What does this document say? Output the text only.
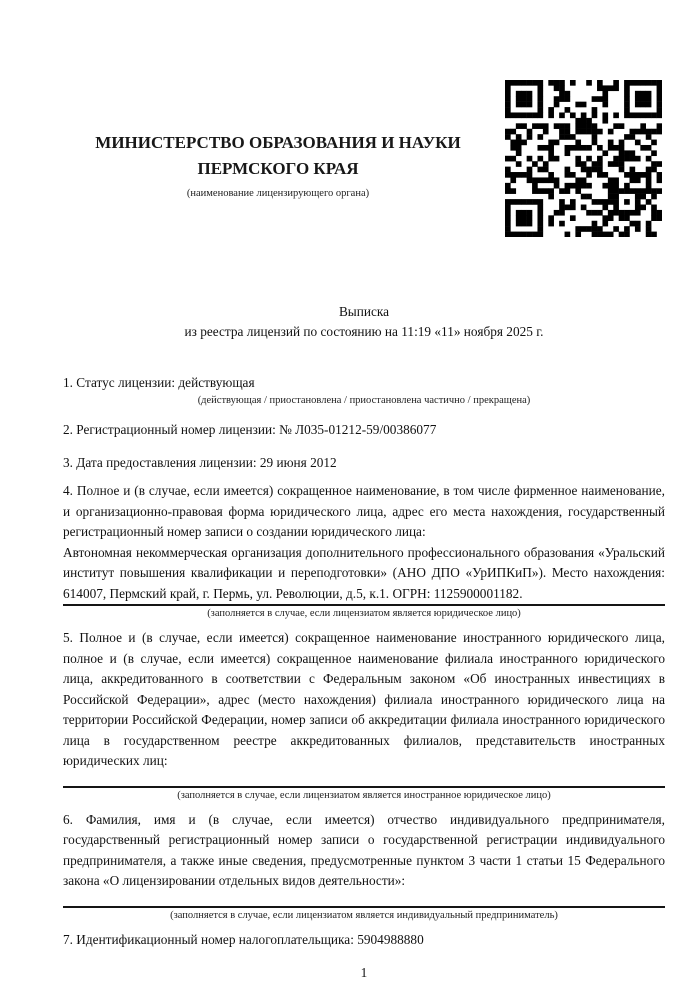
МИНИСТЕРСТВО ОБРАЗОВАНИЯ И НАУКИ ПЕРМСКОГО КРАЯ
(наименование лицензирующего органа)
Выписка
из реестра лицензий по состоянию на 11:19 «11» ноября 2025 г.
1. Статус лицензии: действующая
(действующая / приостановлена / приостановлена частично / прекращена)
2. Регистрационный номер лицензии: № Л035-01212-59/00386077
3. Дата предоставления лицензии: 29 июня 2012

4. Полное и (в случае, если имеется) сокращенное наименование, в том числе фирменное наименование, и организационно-правовая форма юридического лица, адрес его места нахождения, государственный регистрационный номер записи о создании юридического лица:

Автономная некоммерческая организация дополнительного профессионального образования «Уральский институт повышения квалификации и переподготовки» (АНО ДПО «УрИПКиП»). Место нахождения: 614007, Пермский край, г. Пермь, ул. Революции, д.5, к.1. ОГРН: 1125900001182.

(заполняется в случае, если лицензиатом является юридическое лицо)

5. Полное и (в случае, если имеется) сокращенное наименование иностранного юридического лица, полное и (в случае, если имеется) сокращенное наименование филиала иностранного юридического лица, аккредитованного в соответствии с Федеральным законом «Об иностранных инвестициях в Российской Федерации», адрес (место нахождения) филиала иностранного юридического лица на территории Российской Федерации, номер записи об аккредитации филиала иностранного юридического лица в государственном реестре аккредитованных филиалов, представительств иностранных юридических лиц:

(заполняется в случае, если лицензиатом является иностранное юридическое лицо)

6. Фамилия, имя и (в случае, если имеется) отчество индивидуального предпринимателя, государственный регистрационный номер записи о государственной регистрации индивидуального предпринимателя, а также иные сведения, предусмотренные пунктом 3 части 1 статьи 15 Федерального закона «О лицензировании отдельных видов деятельности»:

(заполняется в случае, если лицензиатом является индивидуальный предприниматель)
7. Идентификационный номер налогоплательщика: 5904988880
1
